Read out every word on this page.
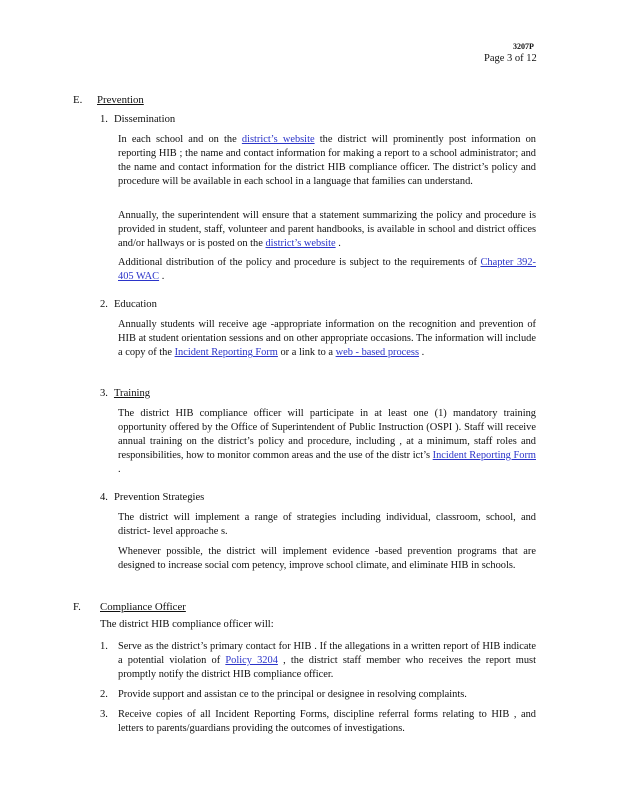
3207P
Page 3 of 12
E. Prevention
1. Dissemination
In each school and on the district’s website the district will prominently post information on reporting HIB ; the name and contact information for making a report to a school administrator; and the name and contact information for the district HIB compliance officer. The district’s policy and procedure will be available in each school in a language that families can understand.
Annually, the superintendent will ensure that a statement summarizing the policy and procedure is provided in student, staff, volunteer and parent handbooks, is available in school and district offices and/or hallways or is posted on the district’s website .
Additional distribution of the policy and procedure is subject to the requirements of Chapter 392-405 WAC .
2. Education
Annually students will receive age -appropriate information on the recognition and prevention of HIB at student orientation sessions and on other appropriate occasions. The information will include a copy of the Incident Reporting Form or a link to a web - based process .
3. Training
The district HIB compliance officer will participate in at least one (1) mandatory training opportunity offered by the Office of Superintendent of Public Instruction (OSPI ). Staff will receive annual training on the district’s policy and procedure, including , at a minimum, staff roles and responsibilities, how to monitor common areas and the use of the distr ict’s Incident Reporting Form .
4. Prevention Strategies
The district will implement a range of strategies including individual, classroom, school, and district- level approache s.
Whenever possible, the district will implement evidence -based prevention programs that are designed to increase social com petency, improve school climate, and eliminate HIB in schools.
F. Compliance Officer
The district HIB compliance officer will:
1. Serve as the district’s primary contact for HIB . If the allegations in a written report of HIB indicate a potential violation of Policy 3204 , the district staff member who receives the report must promptly notify the district HIB compliance officer.
2. Provide support and assistan ce to the principal or designee in resolving complaints.
3. Receive copies of all Incident Reporting Forms, discipline referral forms relating to HIB , and letters to parents/guardians providing the outcomes of investigations.
